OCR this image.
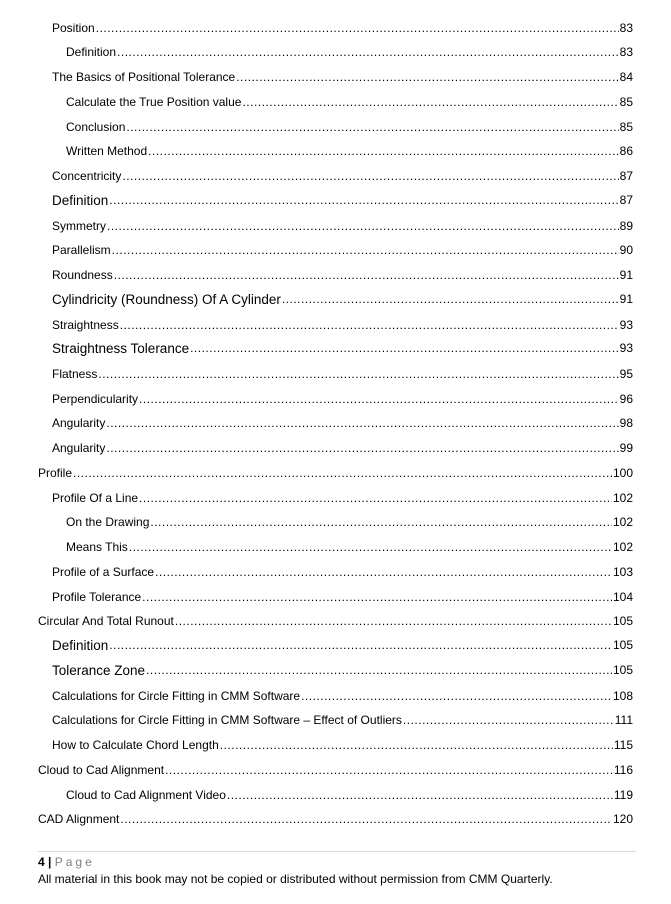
Position .....	83
Definition .....	83
The Basics of Positional Tolerance .....	84
Calculate the True Position value .....	85
Conclusion .....	85
Written Method .....	86
Concentricity .....	87
Definition .....	87
Symmetry .....	89
Parallelism .....	90
Roundness .....	91
Cylindricity (Roundness) Of A Cylinder .....	91
Straightness .....	93
Straightness Tolerance .....	93
Flatness .....	95
Perpendicularity .....	96
Angularity .....	98
Angularity .....	99
Profile .....	100
Profile Of a Line .....	102
On the Drawing .....	102
Means This .....	102
Profile of a Surface .....	103
Profile Tolerance .....	104
Circular And Total Runout .....	105
Definition .....	105
Tolerance Zone .....	105
Calculations for Circle Fitting in CMM Software .....	108
Calculations for Circle Fitting in CMM Software – Effect of Outliers .....	111
How to Calculate Chord Length .....	115
Cloud to Cad Alignment .....	116
Cloud to Cad Alignment Video .....	119
CAD Alignment .....	120
4 | Page
All material in this book may not be copied or distributed without permission from CMM Quarterly.
